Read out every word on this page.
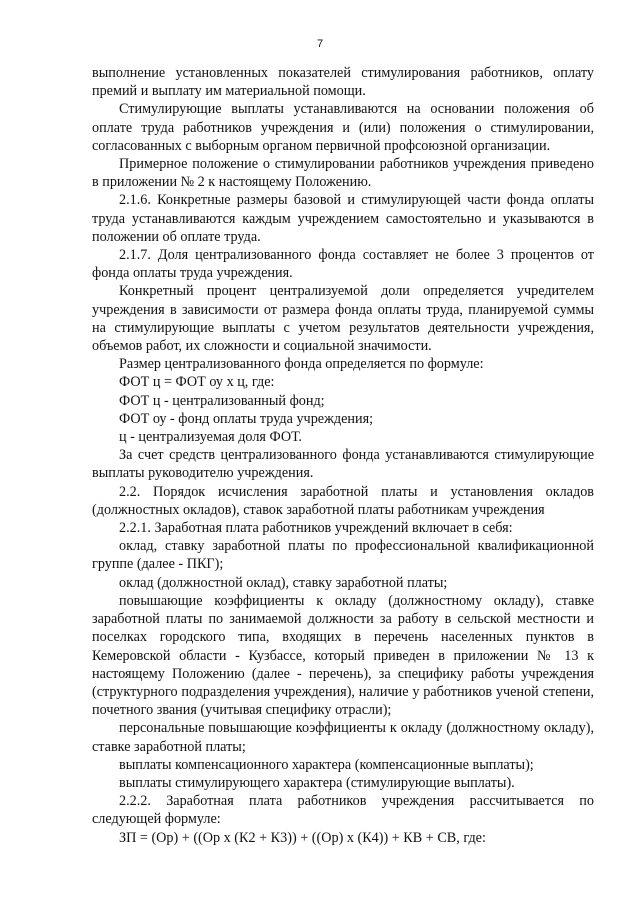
7

выполнение установленных показателей стимулирования работников, оплату премий и выплату им материальной помощи.

Стимулирующие выплаты устанавливаются на основании положения об оплате труда работников учреждения и (или) положения о стимулировании, согласованных с выборным органом первичной профсоюзной организации.

Примерное положение о стимулировании работников учреждения приведено в приложении № 2 к настоящему Положению.

2.1.6. Конкретные размеры базовой и стимулирующей части фонда оплаты труда устанавливаются каждым учреждением самостоятельно и указываются в положении об оплате труда.

2.1.7. Доля централизованного фонда составляет не более 3 процентов от фонда оплаты труда учреждения.

Конкретный процент централизуемой доли определяется учредителем учреждения в зависимости от размера фонда оплаты труда, планируемой суммы на стимулирующие выплаты с учетом результатов деятельности учреждения, объемов работ, их сложности и социальной значимости.

Размер централизованного фонда определяется по формуле:

ФОТ ц = ФОТ оу х ц, где:

ФОТ ц - централизованный фонд;

ФОТ оу - фонд оплаты труда учреждения;

ц - централизуемая доля ФОТ.

За счет средств централизованного фонда устанавливаются стимулирующие выплаты руководителю учреждения.

2.2. Порядок исчисления заработной платы и установления окладов (должностных окладов), ставок заработной платы работникам учреждения

2.2.1. Заработная плата работников учреждений включает в себя:

оклад, ставку заработной платы по профессиональной квалификационной группе (далее - ПКГ);

оклад (должностной оклад), ставку заработной платы;

повышающие коэффициенты к окладу (должностному окладу), ставке заработной платы по занимаемой должности за работу в сельской местности и поселках городского типа, входящих в перечень населенных пунктов в Кемеровской области - Кузбассе, который приведен в приложении № 13 к настоящему Положению (далее - перечень), за специфику работы учреждения (структурного подразделения учреждения), наличие у работников ученой степени, почетного звания (учитывая специфику отрасли);

персональные повышающие коэффициенты к окладу (должностному окладу), ставке заработной платы;

выплаты компенсационного характера (компенсационные выплаты);

выплаты стимулирующего характера (стимулирующие выплаты).

2.2.2. Заработная плата работников учреждения рассчитывается по следующей формуле:

ЗП = (Ор) + ((Ор х (К2 + К3)) + ((Ор) х (К4)) + КВ + СВ, где:
